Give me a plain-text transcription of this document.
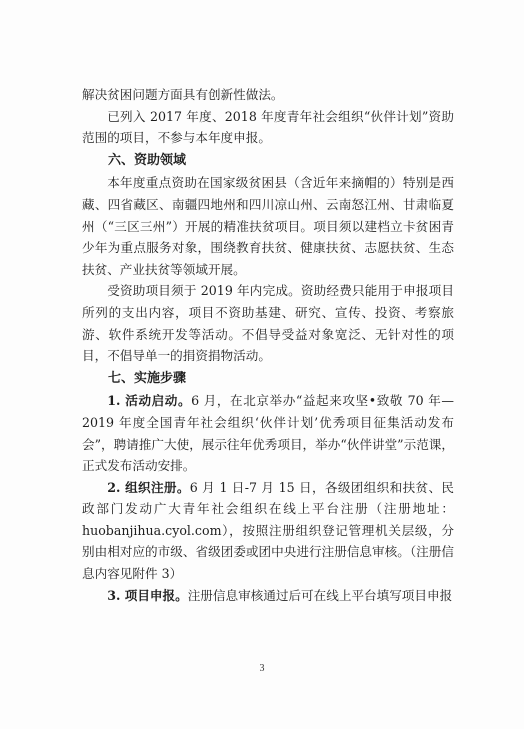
解决贫困问题方面具有创新性做法。

已列入 2017 年度、2018 年度青年社会组织“伙伴计划”资助范围的项目，不参与本年度申报。

六、资助领域

本年度重点资助在国家级贫困县（含近年来摘帽的）特别是西藏、四省藏区、南疆四地州和四川凉山州、云南怒江州、甘肃临夏州（“三区三州”）开展的精准扶贫项目。项目须以建档立卡贫困青少年为重点服务对象，围绕教育扶贫、健康扶贫、志愿扶贫、生态扶贫、产业扶贫等领域开展。

受资助项目须于 2019 年内完成。资助经费只能用于申报项目所列的支出内容，项目不资助基建、研究、宣传、投资、考察旅游、软件系统开发等活动。不倡导受益对象宽泛、无针对性的项目，不倡导单一的捐资捐物活动。

七、实施步骤

1. 活动启动。6 月，在北京举办“益起来攻坚•致敬 70 年—2019 年度全国青年社会组织‘伙伴计划’优秀项目征集活动发布会”，聘请推广大使，展示往年优秀项目，举办“伙伴讲堂”示范课，正式发布活动安排。

2. 组织注册。6 月 1 日-7 月 15 日，各级团组织和扶贫、民政部门发动广大青年社会组织在线上平台注册（注册地址：huobanjihua.cyol.com），按照注册组织登记管理机关层级，分别由相对应的市级、省级团委或团中央进行注册信息审核。（注册信息内容见附件 3）

3. 项目申报。注册信息审核通过后可在线上平台填写项目申报

3
